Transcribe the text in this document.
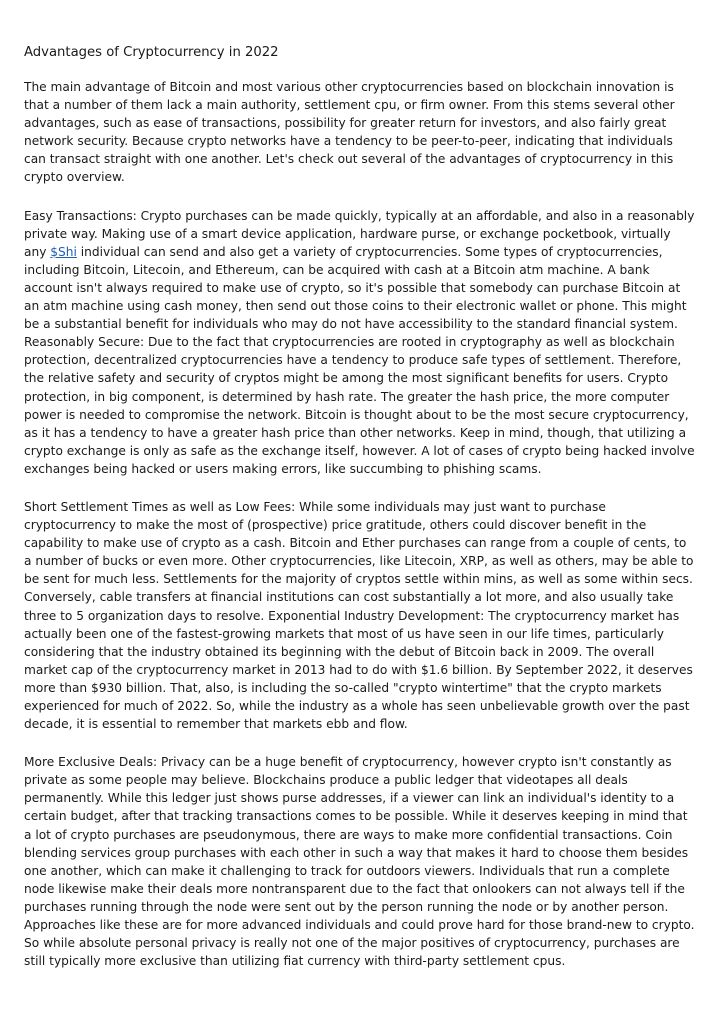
Advantages of Cryptocurrency in 2022

The main advantage of Bitcoin and most various other cryptocurrencies based on blockchain innovation is that a number of them lack a main authority, settlement cpu, or firm owner. From this stems several other advantages, such as ease of transactions, possibility for greater return for investors, and also fairly great network security. Because crypto networks have a tendency to be peer-to-peer, indicating that individuals can transact straight with one another. Let's check out several of the advantages of cryptocurrency in this crypto overview.

Easy Transactions: Crypto purchases can be made quickly, typically at an affordable, and also in a reasonably private way. Making use of a smart device application, hardware purse, or exchange pocketbook, virtually any $Shi individual can send and also get a variety of cryptocurrencies. Some types of cryptocurrencies, including Bitcoin, Litecoin, and Ethereum, can be acquired with cash at a Bitcoin atm machine. A bank account isn't always required to make use of crypto, so it's possible that somebody can purchase Bitcoin at an atm machine using cash money, then send out those coins to their electronic wallet or phone. This might be a substantial benefit for individuals who may do not have accessibility to the standard financial system. Reasonably Secure: Due to the fact that cryptocurrencies are rooted in cryptography as well as blockchain protection, decentralized cryptocurrencies have a tendency to produce safe types of settlement. Therefore, the relative safety and security of cryptos might be among the most significant benefits for users. Crypto protection, in big component, is determined by hash rate. The greater the hash price, the more computer power is needed to compromise the network. Bitcoin is thought about to be the most secure cryptocurrency, as it has a tendency to have a greater hash price than other networks. Keep in mind, though, that utilizing a crypto exchange is only as safe as the exchange itself, however. A lot of cases of crypto being hacked involve exchanges being hacked or users making errors, like succumbing to phishing scams.

Short Settlement Times as well as Low Fees: While some individuals may just want to purchase cryptocurrency to make the most of (prospective) price gratitude, others could discover benefit in the capability to make use of crypto as a cash. Bitcoin and Ether purchases can range from a couple of cents, to a number of bucks or even more. Other cryptocurrencies, like Litecoin, XRP, as well as others, may be able to be sent for much less. Settlements for the majority of cryptos settle within mins, as well as some within secs. Conversely, cable transfers at financial institutions can cost substantially a lot more, and also usually take three to 5 organization days to resolve. Exponential Industry Development: The cryptocurrency market has actually been one of the fastest-growing markets that most of us have seen in our life times, particularly considering that the industry obtained its beginning with the debut of Bitcoin back in 2009. The overall market cap of the cryptocurrency market in 2013 had to do with $1.6 billion. By September 2022, it deserves more than $930 billion. That, also, is including the so-called "crypto wintertime" that the crypto markets experienced for much of 2022. So, while the industry as a whole has seen unbelievable growth over the past decade, it is essential to remember that markets ebb and flow.

More Exclusive Deals: Privacy can be a huge benefit of cryptocurrency, however crypto isn't constantly as private as some people may believe. Blockchains produce a public ledger that videotapes all deals permanently. While this ledger just shows purse addresses, if a viewer can link an individual's identity to a certain budget, after that tracking transactions comes to be possible. While it deserves keeping in mind that a lot of crypto purchases are pseudonymous, there are ways to make more confidential transactions. Coin blending services group purchases with each other in such a way that makes it hard to choose them besides one another, which can make it challenging to track for outdoors viewers. Individuals that run a complete node likewise make their deals more nontransparent due to the fact that onlookers can not always tell if the purchases running through the node were sent out by the person running the node or by another person. Approaches like these are for more advanced individuals and could prove hard for those brand-new to crypto. So while absolute personal privacy is really not one of the major positives of cryptocurrency, purchases are still typically more exclusive than utilizing fiat currency with third-party settlement cpus.
